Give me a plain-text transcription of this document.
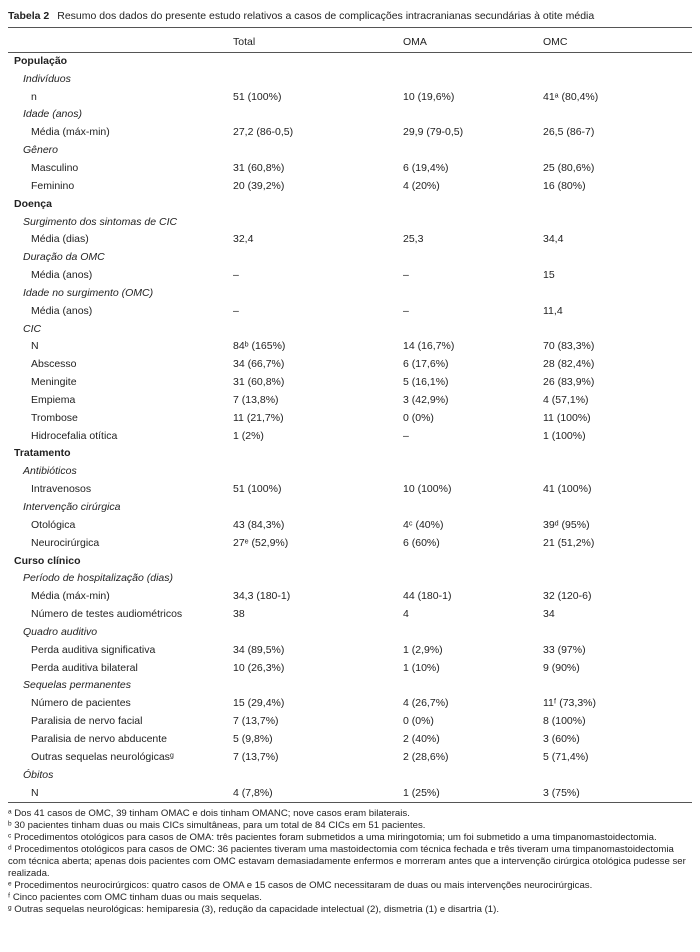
Tabela 2 Resumo dos dados do presente estudo relativos a casos de complicações intracranianas secundárias à otite média
	Total	OMA	OMC
População			
Indivíduos			
n	51 (100%)	10 (19,6%)	41ᵃ (80,4%)
Idade (anos)			
Média (máx-min)	27,2 (86-0,5)	29,9 (79-0,5)	26,5 (86-7)
Gênero			
Masculino	31 (60,8%)	6 (19,4%)	25 (80,6%)
Feminino	20 (39,2%)	4 (20%)	16 (80%)
Doença			
Surgimento dos sintomas de CIC			
Média (dias)	32,4	25,3	34,4
Duração da OMC			
Média (anos)	–	–	15
Idade no surgimento (OMC)			
Média (anos)	–	–	11,4
CIC			
N	84ᵇ (165%)	14 (16,7%)	70 (83,3%)
Abscesso	34 (66,7%)	6 (17,6%)	28 (82,4%)
Meningite	31 (60,8%)	5 (16,1%)	26 (83,9%)
Empiema	7 (13,8%)	3 (42,9%)	4 (57,1%)
Trombose	11 (21,7%)	0 (0%)	11 (100%)
Hidrocefalia otítica	1 (2%)	–	1 (100%)
Tratamento			
Antibióticos			
Intravenosos	51 (100%)	10 (100%)	41 (100%)
Intervenção cirúrgica			
Otológica	43 (84,3%)	4ᶜ (40%)	39ᵈ (95%)
Neurocirúrgica	27ᵉ (52,9%)	6 (60%)	21 (51,2%)
Curso clínico			
Período de hospitalização (dias)			
Média (máx-min)	34,3 (180-1)	44 (180-1)	32 (120-6)
Número de testes audiométricos	38	4	34
Quadro auditivo			
Perda auditiva significativa	34 (89,5%)	1 (2,9%)	33 (97%)
Perda auditiva bilateral	10 (26,3%)	1 (10%)	9 (90%)
Sequelas permanentes			
Número de pacientes	15 (29,4%)	4 (26,7%)	11ᶠ (73,3%)
Paralisia de nervo facial	7 (13,7%)	0 (0%)	8 (100%)
Paralisia de nervo abducente	5 (9,8%)	2 (40%)	3 (60%)
Outras sequelas neurológicasᵍ	7 (13,7%)	2 (28,6%)	5 (71,4%)
Óbitos			
N	4 (7,8%)	1 (25%)	3 (75%)

ᵃ Dos 41 casos de OMC, 39 tinham OMAC e dois tinham OMANC; nove casos eram bilaterais.

ᵇ 30 pacientes tinham duas ou mais CICs simultâneas, para um total de 84 CICs em 51 pacientes.

ᶜ Procedimentos otológicos para casos de OMA: três pacientes foram submetidos a uma miringotomia; um foi submetido a uma timpanomastoidectomia.

ᵈ Procedimentos otológicos para casos de OMC: 36 pacientes tiveram uma mastoidectomia com técnica fechada e três tiveram uma timpanomastoidectomia com técnica aberta; apenas dois pacientes com OMC estavam demasiadamente enfermos e morreram antes que a intervenção cirúrgica otológica pudesse ser realizada.

ᵉ Procedimentos neurocirúrgicos: quatro casos de OMA e 15 casos de OMC necessitaram de duas ou mais intervenções neurocirúrgicas.

ᶠ Cinco pacientes com OMC tinham duas ou mais sequelas.

ᵍ Outras sequelas neurológicas: hemiparesia (3), redução da capacidade intelectual (2), dismetria (1) e disartria (1).
